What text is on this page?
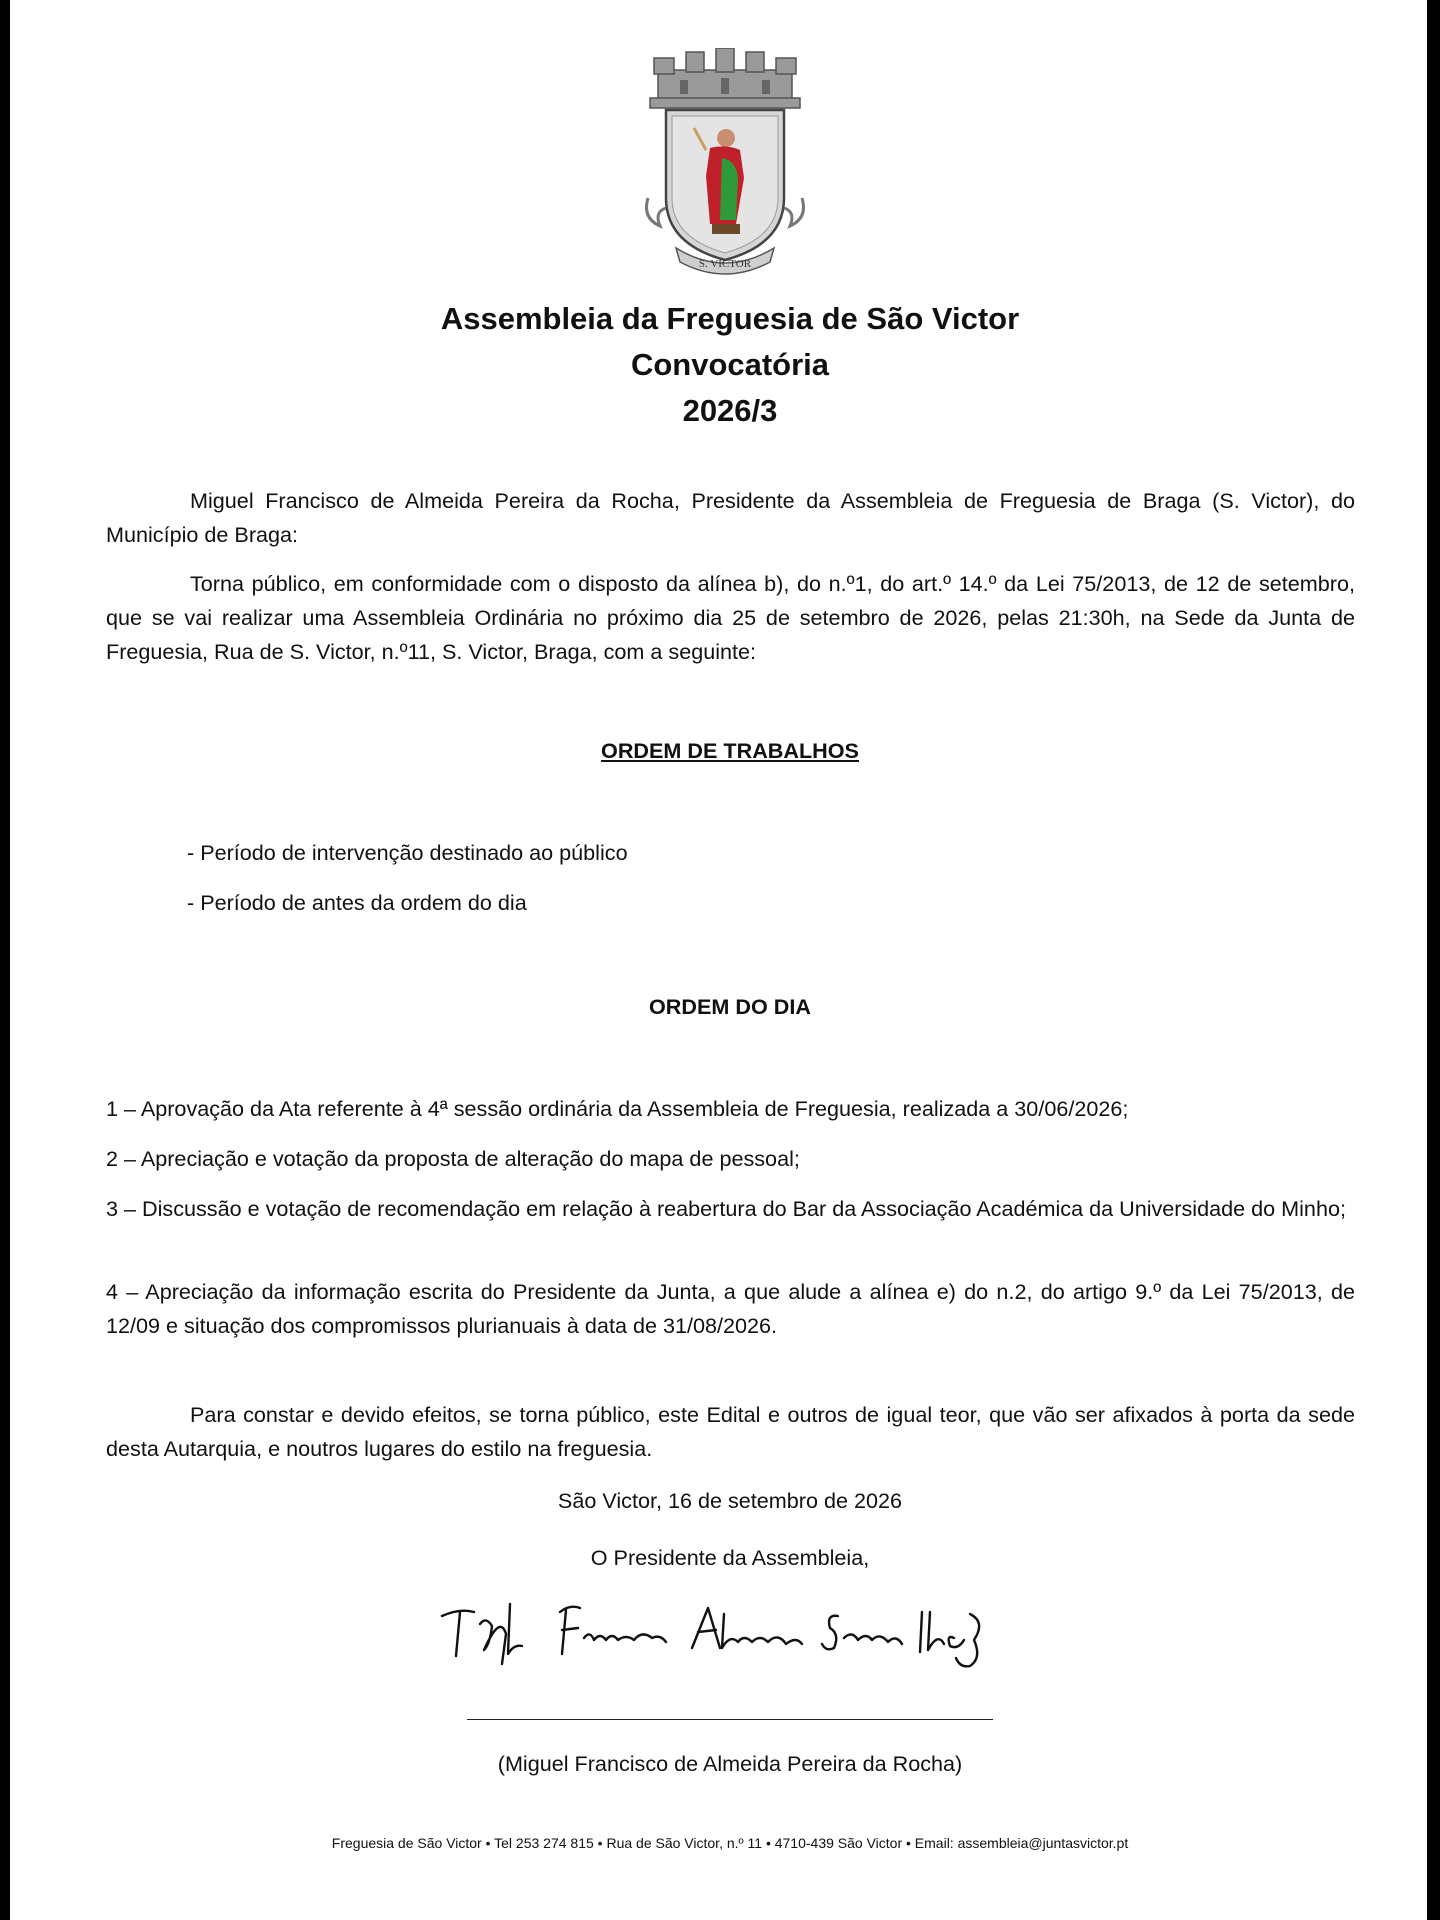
S. VICTOR
Assembleia da Freguesia de São Victor
Convocatória
2026/3

Miguel Francisco de Almeida Pereira da Rocha, Presidente da Assembleia de Freguesia de Braga (S. Victor), do Município de Braga:

Torna público, em conformidade com o disposto da alínea b), do n.º1, do art.º 14.º da Lei 75/2013, de 12 de setembro, que se vai realizar uma Assembleia Ordinária no próximo dia 25 de setembro de 2026, pelas 21:30h, na Sede da Junta de Freguesia, Rua de S. Victor, n.º11, S. Victor, Braga, com a seguinte:

ORDEM DE TRABALHOS

- Período de intervenção destinado ao público

- Período de antes da ordem do dia

ORDEM DO DIA

1 – Aprovação da Ata referente à 4ª sessão ordinária da Assembleia de Freguesia, realizada a 30/06/2026;

2 – Apreciação e votação da proposta de alteração do mapa de pessoal;

3 – Discussão e votação de recomendação em relação à reabertura do Bar da Associação Académica da Universidade do Minho;

4 – Apreciação da informação escrita do Presidente da Junta, a que alude a alínea e) do n.2, do artigo 9.º da Lei 75/2013, de 12/09 e situação dos compromissos plurianuais à data de 31/08/2026.

Para constar e devido efeitos, se torna público, este Edital e outros de igual teor, que vão ser afixados à porta da sede desta Autarquia, e noutros lugares do estilo na freguesia.

São Victor, 16 de setembro de 2026

O Presidente da Assembleia,

(Miguel Francisco de Almeida Pereira da Rocha)

Freguesia de São Victor • Tel 253 274 815 • Rua de São Victor, n.º 11 • 4710-439 São Victor • Email: assembleia@juntasvictor.pt
